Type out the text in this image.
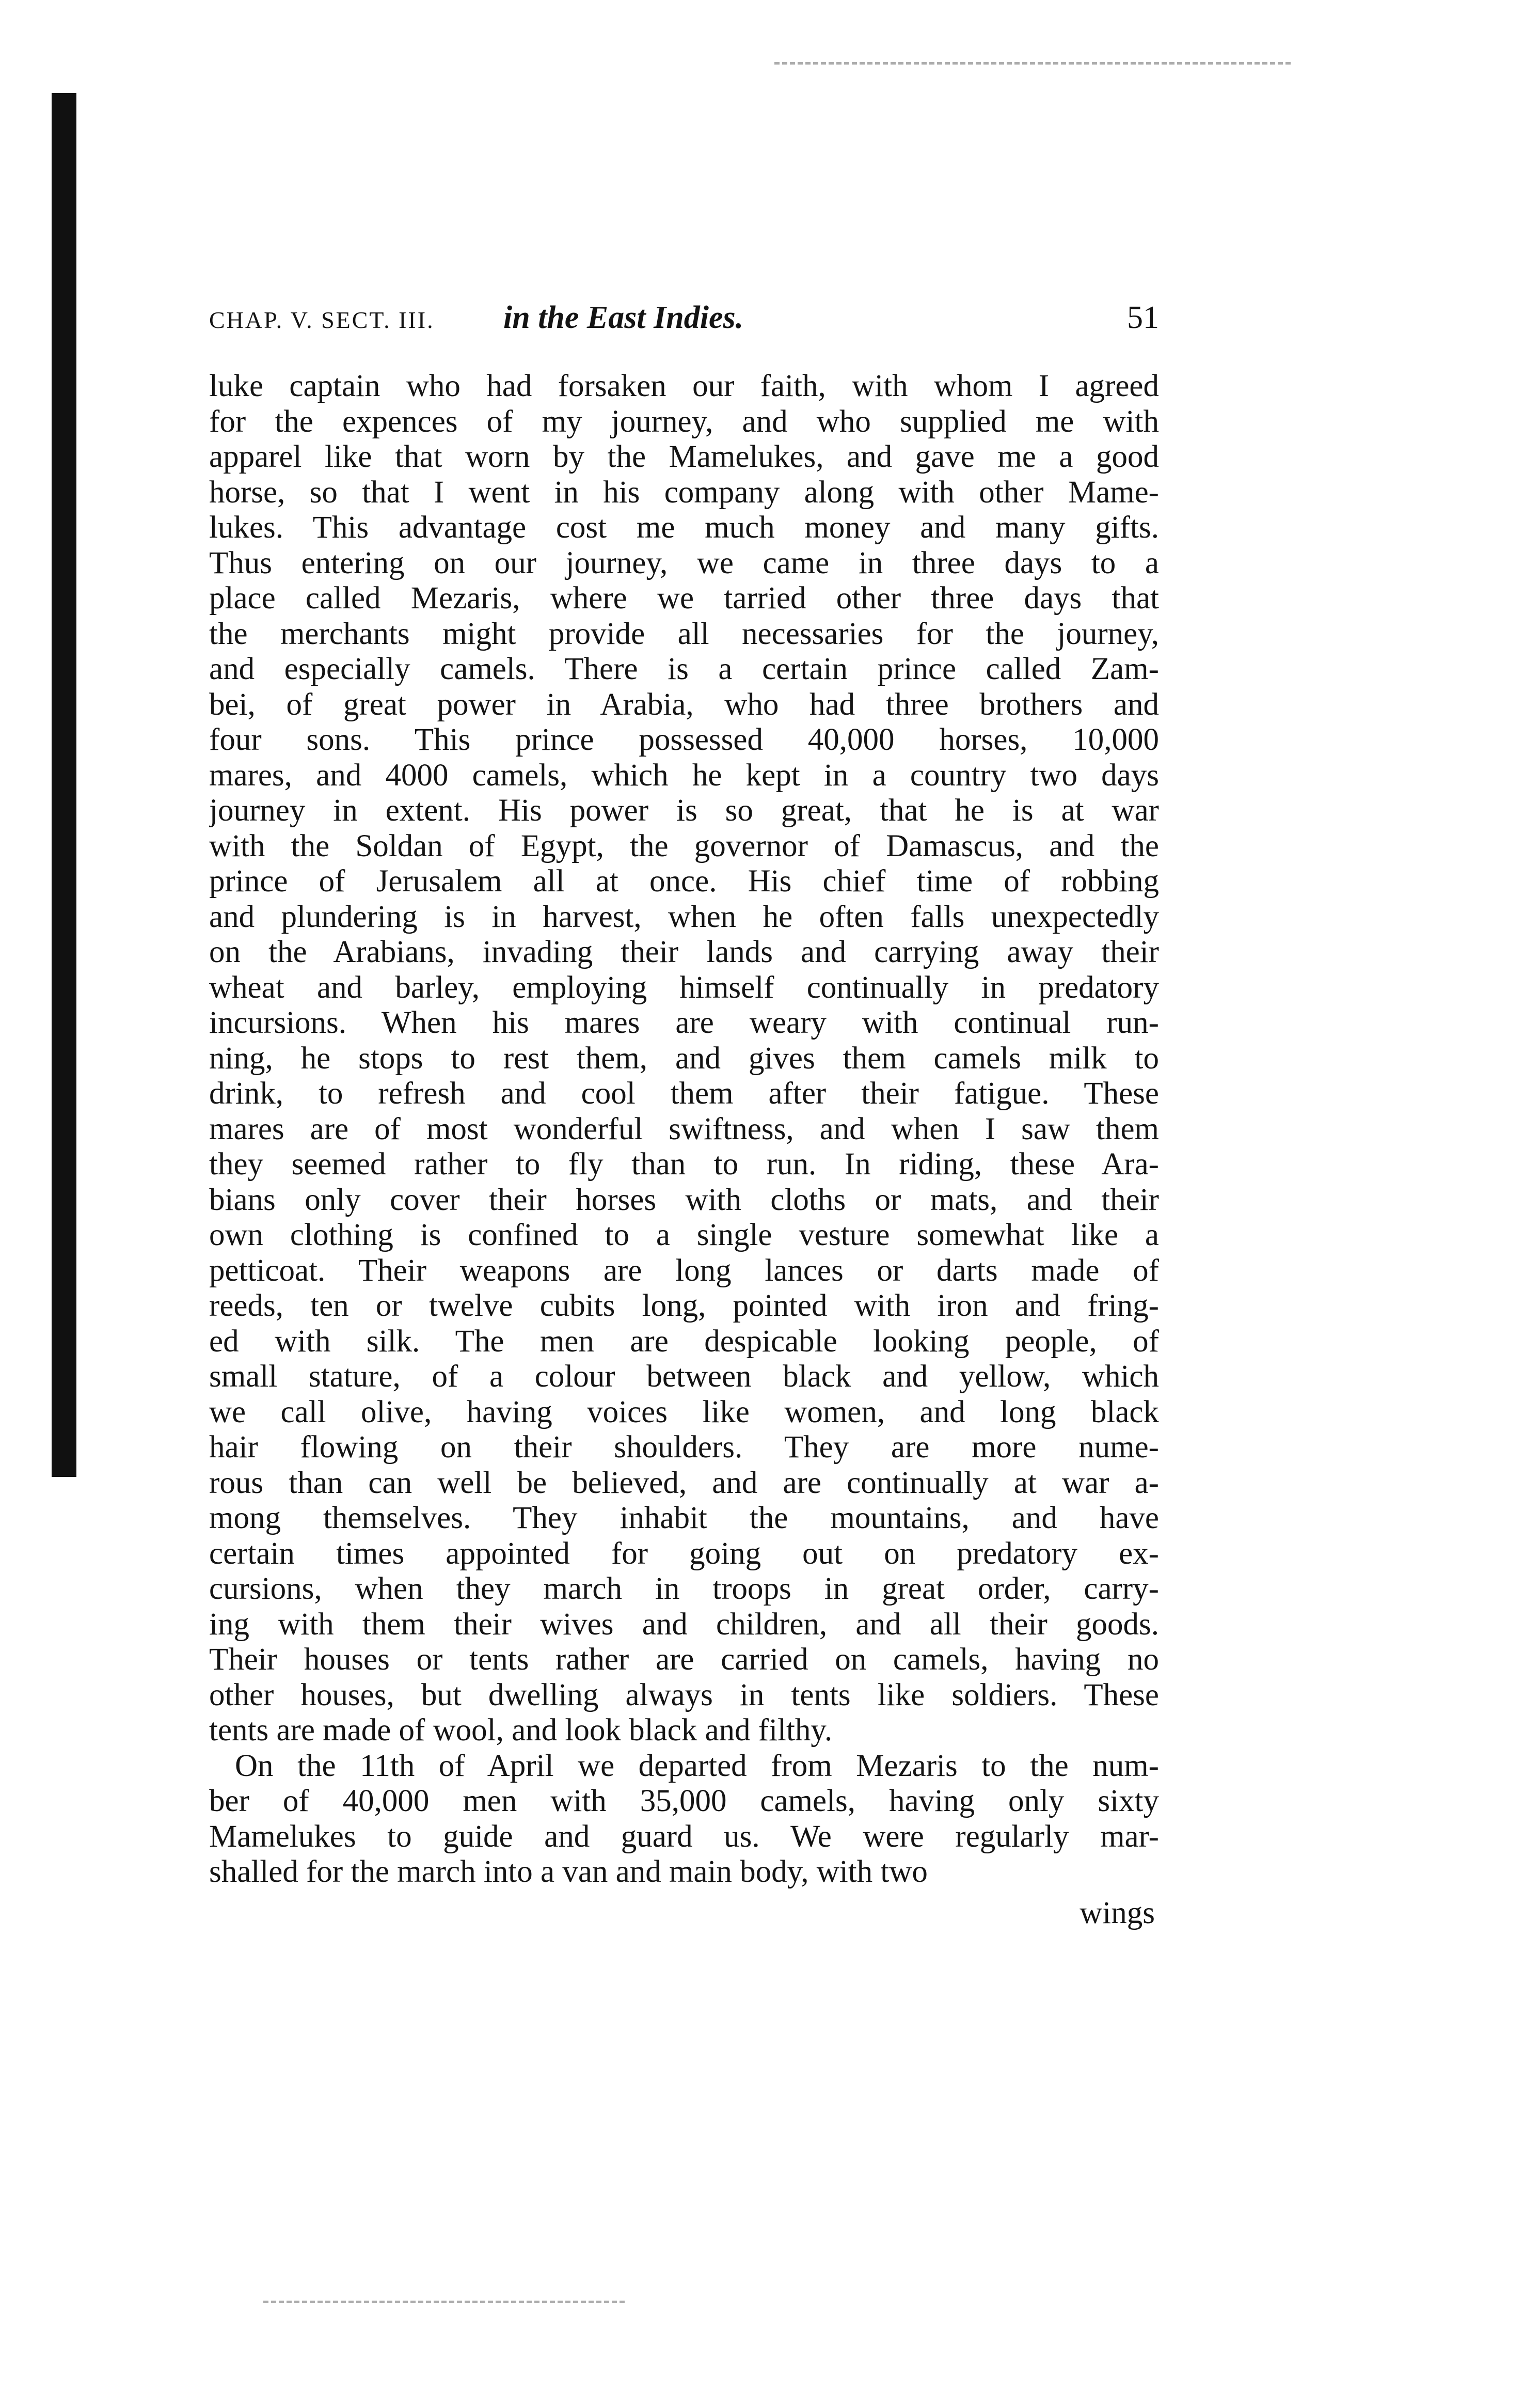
CHAP. V. SECT. III.	in the East Indies.	51
luke captain who had forsaken our faith, with whom I agreed
for the expences of my journey, and who supplied me with
apparel like that worn by the Mamelukes, and gave me a good
horse, so that I went in his company along with other Mame-
lukes. This advantage cost me much money and many gifts.
Thus entering on our journey, we came in three days to a
place called Mezaris, where we tarried other three days that
the merchants might provide all necessaries for the journey,
and especially camels. There is a certain prince called Zam-
bei, of great power in Arabia, who had three brothers and
four sons. This prince possessed 40,000 horses, 10,000
mares, and 4000 camels, which he kept in a country two days
journey in extent. His power is so great, that he is at war
with the Soldan of Egypt, the governor of Damascus, and the
prince of Jerusalem all at once. His chief time of robbing
and plundering is in harvest, when he often falls unexpectedly
on the Arabians, invading their lands and carrying away their
wheat and barley, employing himself continually in predatory
incursions. When his mares are weary with continual run-
ning, he stops to rest them, and gives them camels milk to
drink, to refresh and cool them after their fatigue. These
mares are of most wonderful swiftness, and when I saw them
they seemed rather to fly than to run. In riding, these Ara-
bians only cover their horses with cloths or mats, and their
own clothing is confined to a single vesture somewhat like a
petticoat. Their weapons are long lances or darts made of
reeds, ten or twelve cubits long, pointed with iron and fring-
ed with silk. The men are despicable looking people, of
small stature, of a colour between black and yellow, which
we call olive, having voices like women, and long black
hair flowing on their shoulders. They are more nume-
rous than can well be believed, and are continually at war a-
mong themselves. They inhabit the mountains, and have
certain times appointed for going out on predatory ex-
cursions, when they march in troops in great order, carry-
ing with them their wives and children, and all their goods.
Their houses or tents rather are carried on camels, having no
other houses, but dwelling always in tents like soldiers. These
tents are made of wool, and look black and filthy.
On the 11th of April we departed from Mezaris to the num-
ber of 40,000 men with 35,000 camels, having only sixty
Mamelukes to guide and guard us. We were regularly mar-
shalled for the march into a van and main body, with two
wings
